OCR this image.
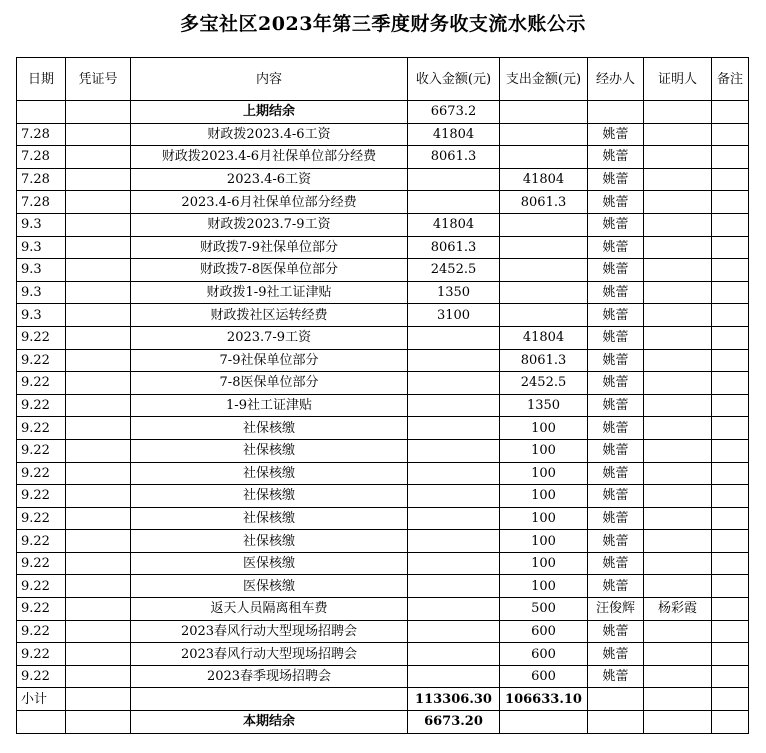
多宝社区2023年第三季度财务收支流水账公示
日期	凭证号	内容	收入金额(元)	支出金额(元)	经办人	证明人	备注
		上期结余	6673.2				
7.28		财政拨2023.4-6工资	41804		姚蕾		
7.28		财政拨2023.4-6月社保单位部分经费	8061.3		姚蕾		
7.28		2023.4-6工资		41804	姚蕾		
7.28		2023.4-6月社保单位部分经费		8061.3	姚蕾		
9.3		财政拨2023.7-9工资	41804		姚蕾		
9.3		财政拨7-9社保单位部分	8061.3		姚蕾		
9.3		财政拨7-8医保单位部分	2452.5		姚蕾		
9.3		财政拨1-9社工证津贴	1350		姚蕾		
9.3		财政拨社区运转经费	3100		姚蕾		
9.22		2023.7-9工资		41804	姚蕾		
9.22		7-9社保单位部分		8061.3	姚蕾		
9.22		7-8医保单位部分		2452.5	姚蕾		
9.22		1-9社工证津贴		1350	姚蕾		
9.22		社保核缴		100	姚蕾		
9.22		社保核缴		100	姚蕾		
9.22		社保核缴		100	姚蕾		
9.22		社保核缴		100	姚蕾		
9.22		社保核缴		100	姚蕾		
9.22		社保核缴		100	姚蕾		
9.22		医保核缴		100	姚蕾		
9.22		医保核缴		100	姚蕾		
9.22		返天人员隔离租车费		500	汪俊辉	杨彩霞	
9.22		2023春风行动大型现场招聘会		600	姚蕾		
9.22		2023春风行动大型现场招聘会		600	姚蕾		
9.22		2023春季现场招聘会		600	姚蕾		
小计			113306.30	106633.10			
		本期结余	6673.20				
